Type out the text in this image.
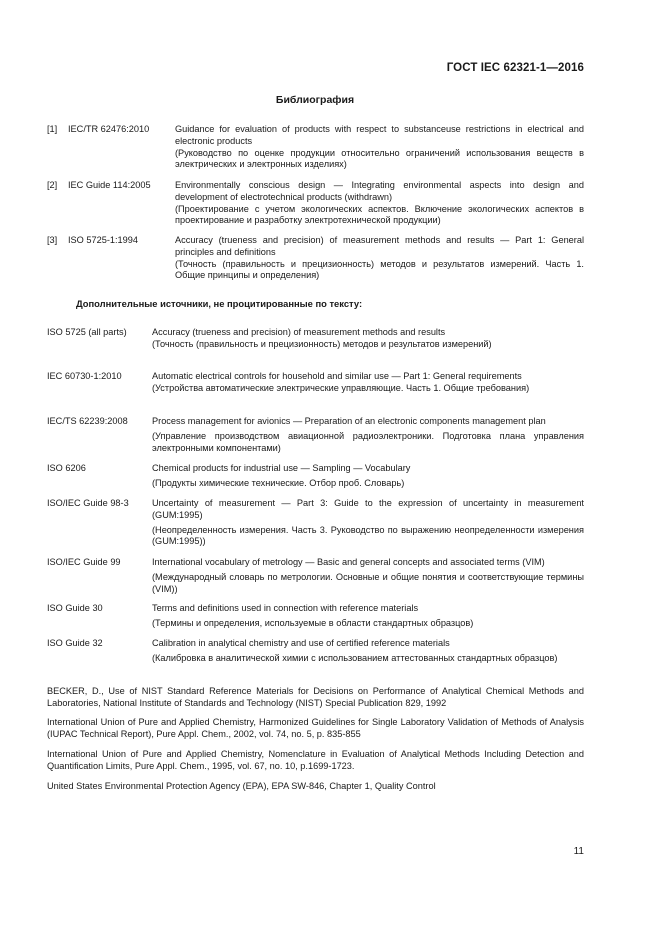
ГОСТ IEC 62321-1—2016
Библиография
[1] IEC/TR 62476:2010	Guidance for evaluation of products with respect to substanceuse restrictions in electrical and electronic products
(Руководство по оценке продукции относительно ограничений использования веществ в электрических и электронных изделиях)
[2] IEC Guide 114:2005	Environmentally conscious design — Integrating environmental aspects into design and development of electrotechnical products (withdrawn)
(Проектирование с учетом экологических аспектов. Включение экологических аспектов в проектирование и разработку электротехнической продукции)
[3] ISO 5725-1:1994	Accuracy (trueness and precision) of measurement methods and results — Part 1: General principles and definitions
(Точность (правильность и прецизионность) методов и результатов измерений. Часть 1. Общие принципы и определения)
Дополнительные источники, не процитированные по тексту:
ISO 5725 (all parts)	Accuracy (trueness and precision) of measurement methods and results
(Точность (правильность и прецизионность) методов и результатов измерений)
IEC 60730-1:2010	Automatic electrical controls for household and similar use — Part 1: General requirements
(Устройства автоматические электрические управляющие. Часть 1. Общие требования)
IEC/TS 62239:2008	Process management for avionics — Preparation of an electronic components management plan
(Управление производством авиационной радиоэлектроники. Подготовка плана управления электронными компонентами)
ISO 6206	Chemical products for industrial use — Sampling — Vocabulary
(Продукты химические технические. Отбор проб. Словарь)
ISO/IEC Guide 98-3	Uncertainty of measurement — Part 3: Guide to the expression of uncertainty in measurement (GUM:1995)
(Неопределенность измерения. Часть 3. Руководство по выражению неопределенности измерения (GUM:1995))
ISO/IEC Guide 99	International vocabulary of metrology — Basic and general concepts and associated terms (VIM)
(Международный словарь по метрологии. Основные и общие понятия и соответствующие термины (VIM))
ISO Guide 30	Terms and definitions used in connection with reference materials
(Термины и определения, используемые в области стандартных образцов)
ISO Guide 32	Calibration in analytical chemistry and use of certified reference materials
(Калибровка в аналитической химии с использованием аттестованных стандартных образцов)
BECKER, D., Use of NIST Standard Reference Materials for Decisions on Performance of Analytical Chemical Methods and Laboratories, National Institute of Standards and Technology (NIST) Special Publication 829, 1992
International Union of Pure and Applied Chemistry, Harmonized Guidelines for Single Laboratory Validation of Methods of Analysis (IUPAC Technical Report), Pure Appl. Chem., 2002, vol. 74, no. 5, p. 835-855
International Union of Pure and Applied Chemistry, Nomenclature in Evaluation of Analytical Methods Including Detection and Quantification Limits, Pure Appl. Chem., 1995, vol. 67, no. 10, p.1699-1723.
United States Environmental Protection Agency (EPA), EPA SW-846, Chapter 1, Quality Control
11
